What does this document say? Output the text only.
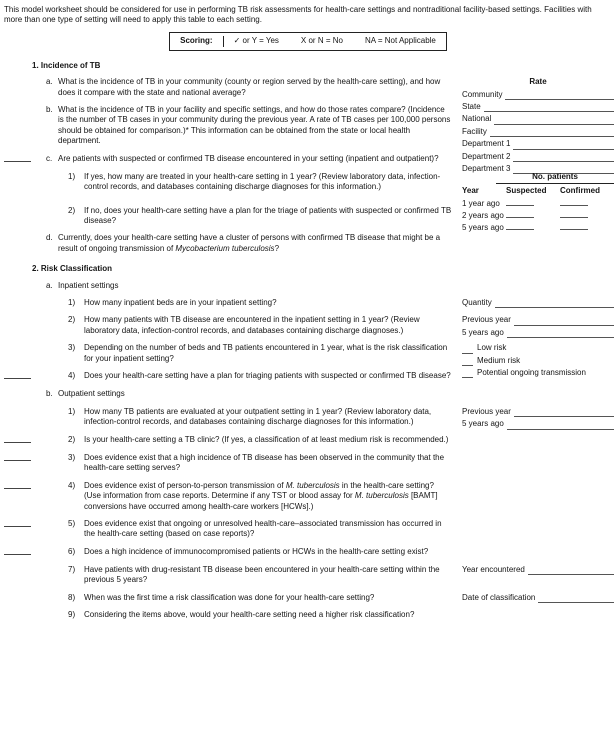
This model worksheet should be considered for use in performing TB risk assessments for health-care settings and nontraditional facility-based settings. Facilities with more than one type of setting will need to apply this table to each setting.

Scoring:	✓ or Y = Yes	X or N = No	NA = Not Applicable
1. Incidence of TB
a. What is the incidence of TB in your community (county or region served by the health-care setting), and how does it compare with the state and national average?
Rate
Community
State
National
Facility
Department 1
Department 2
Department 3
b. What is the incidence of TB in your facility and specific settings, and how do those rates compare? (Incidence is the number of TB cases in your community during the previous year. A rate of TB cases per 100,000 persons should be obtained for comparison.)* This information can be obtained from the state or local health department.
c. Are patients with suspected or confirmed TB disease encountered in your setting (inpatient and outpatient)?
1)	If yes, how many are treated in your health-care setting in 1 year? (Review laboratory data, infection-control records, and databases containing discharge diagnoses for this information.)
No. patients
Year	Suspected	Confirmed
1 year ago
2 years ago
5 years ago
2)	If no, does your health-care setting have a plan for the triage of patients with suspected or confirmed TB disease?
d. Currently, does your health-care setting have a cluster of persons with confirmed TB disease that might be a result of ongoing transmission of Mycobacterium tuberculosis?
2. Risk Classification
a. Inpatient settings
1)	How many inpatient beds are in your inpatient setting?	Quantity
2)	How many patients with TB disease are encountered in the inpatient setting in 1 year? (Review laboratory data, infection-control records, and databases containing discharge diagnoses.)
Previous year
5 years ago
3)	Depending on the number of beds and TB patients encountered in 1 year, what is the risk classification for your inpatient setting?
Low risk
Medium risk
Potential ongoing transmission
4)	Does your health-care setting have a plan for triaging patients with suspected or confirmed TB disease?
b. Outpatient settings
1)	How many TB patients are evaluated at your outpatient setting in 1 year? (Review laboratory data, infection-control records, and databases containing discharge diagnoses for this information.)
Previous year
5 years ago
2)	Is your health-care setting a TB clinic? (If yes, a classification of at least medium risk is recommended.)
3)	Does evidence exist that a high incidence of TB disease has been observed in the community that the health-care setting serves?
4)	Does evidence exist of person-to-person transmission of M. tuberculosis in the health-care setting? (Use information from case reports. Determine if any TST or blood assay for M. tuberculosis [BAMT] conversions have occurred among health-care workers [HCWs].)
5)	Does evidence exist that ongoing or unresolved health-care–associated transmission has occurred in the health-care setting (based on case reports)?
6)	Does a high incidence of immunocompromised patients or HCWs in the health-care setting exist?
7)	Have patients with drug-resistant TB disease been encountered in your health-care setting within the previous 5 years?
Year encountered
8)	When was the first time a risk classification was done for your health-care setting?	Date of classification
9)	Considering the items above, would your health-care setting need a higher risk classification?
